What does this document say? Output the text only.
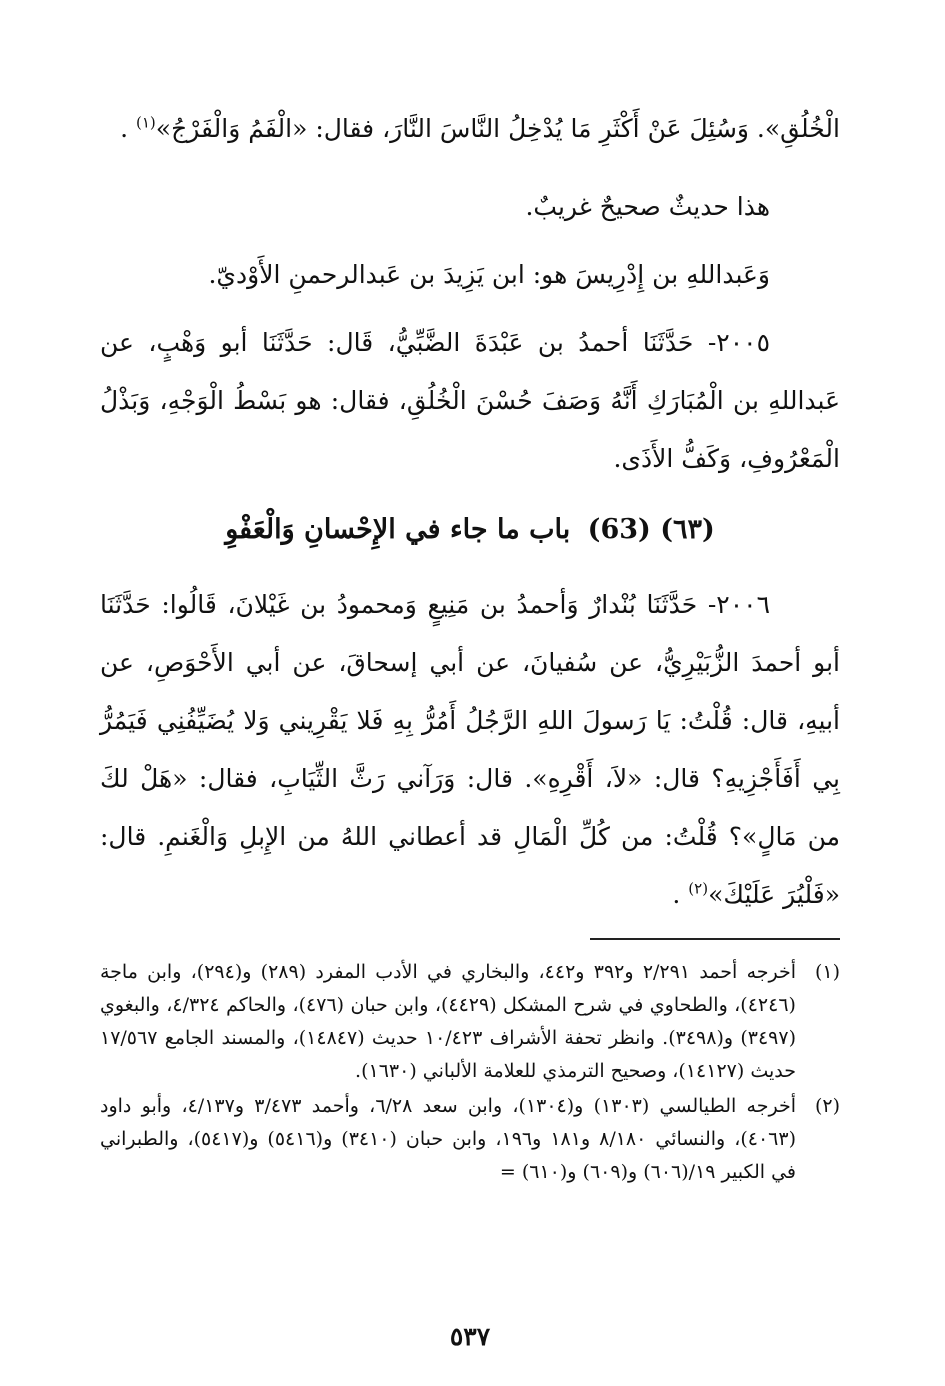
الْخُلُقِ». وَسُئِلَ عَنْ أَكْثَرِ مَا يُدْخِلُ النَّاسَ النَّارَ، فقال: «الْفَمُ وَالْفَرْجُ»$^{(١)}$ .

هذا حديثٌ صحيحٌ غريبٌ.

وَعَبداللهِ بن إِدْرِيسَ هو: ابن يَزِيدَ بن عَبدالرحمنِ الأَوْديّ.

٢٠٠٥- حَدَّثَنَا أحمدُ بن عَبْدَةَ الضَّبِّيُّ، قَال: حَدَّثَنَا أبو وَهْبٍ، عن عَبداللهِ بن الْمُبَارَكِ أَنَّهُ وَصَفَ حُسْنَ الْخُلُقِ، فقال: هو بَسْطُ الْوَجْهِ، وَبَذْلُ الْمَعْرُوفِ، وَكَفُّ الأَذَى.

(٦٣) (63) باب ما جاء في الإِحْسانِ وَالْعَفْوِ

٢٠٠٦- حَدَّثَنَا بُنْدارٌ وَأحمدُ بن مَنِيعٍ وَمحمودُ بن غَيْلانَ، قَالُوا: حَدَّثَنَا أبو أحمدَ الزُّبَيْرِيُّ، عن سُفيانَ، عن أبي إسحاقَ، عن أبي الأَحْوَصِ، عن أبيهِ، قال: قُلْتُ: يَا رَسولَ اللهِ الرَّجُلُ أَمُرُّ بِهِ فَلا يَقْرِيني وَلا يُضَيِّفُنِي فَيَمُرُّ بِي أَفَأَجْزِيهِ؟ قال: «لاَ، أَقْرِهِ». قال: وَرَآني رَثَّ الثِّيَابِ، فقال: «هَلْ لكَ من مَالٍ»؟ قُلْتُ: من كُلِّ الْمَالِ قد أعطاني اللهُ من الإِبلِ وَالْغَنمِ. قال: «فَلْيُرَ عَلَيْكَ»$^{(٢)}$ .

(١)
أخرجه أحمد ٢/٢٩١ و٣٩٢ و٤٤٢، والبخاري في الأدب المفرد (٢٨٩) و(٢٩٤)، وابن ماجة (٤٢٤٦)، والطحاوي في شرح المشكل (٤٤٢٩)، وابن حبان (٤٧٦)، والحاكم ٤/٣٢٤، والبغوي (٣٤٩٧) و(٣٤٩٨). وانظر تحفة الأشراف ١٠/٤٢٣ حديث (١٤٨٤٧)، والمسند الجامع ١٧/٥٦٧ حديث (١٤١٢٧)، وصحيح الترمذي للعلامة الألباني (١٦٣٠).
(٢)
أخرجه الطيالسي (١٣٠٣) و(١٣٠٤)، وابن سعد ٦/٢٨، وأحمد ٣/٤٧٣ و٤/١٣٧، وأبو داود (٤٠٦٣)، والنسائي ٨/١٨٠ و١٨١ و١٩٦، وابن حبان (٣٤١٠) و(٥٤١٦) و(٥٤١٧)، والطبراني في الكبير ١٩/(٦٠٦) و(٦٠٩) و(٦١٠) =
٥٣٧
